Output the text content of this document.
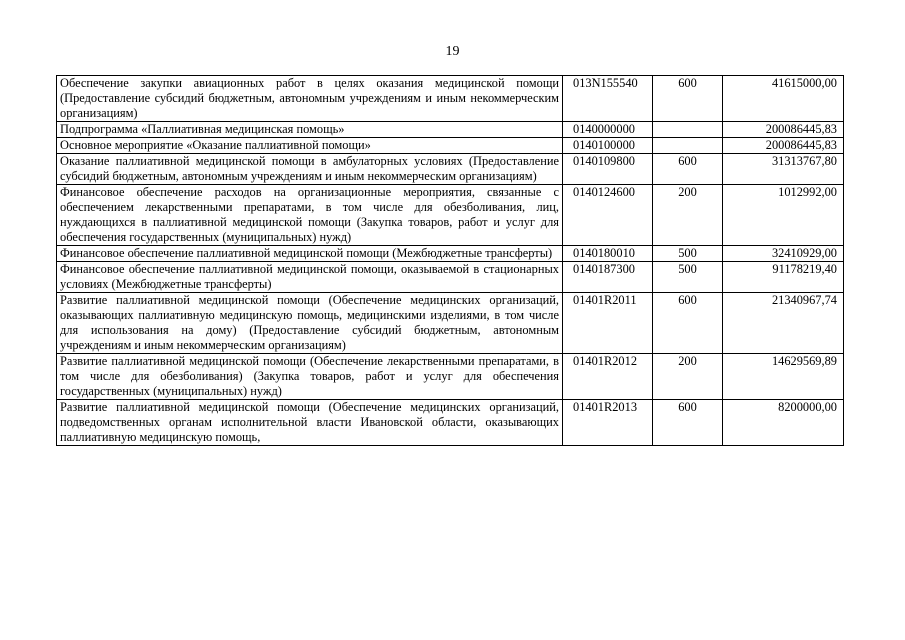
19
Обеспечение закупки авиационных работ в целях оказания медицинской помощи (Предоставление субсидий бюджетным, автономным учреждениям и иным некоммерческим организациям)	013N155540	600	41615000,00
Подпрограмма «Паллиативная медицинская помощь»	0140000000		200086445,83
Основное мероприятие «Оказание паллиативной помощи»	0140100000		200086445,83
Оказание паллиативной медицинской помощи в амбулаторных условиях (Предоставление субсидий бюджетным, автономным учреждениям и иным некоммерческим организациям)	0140109800	600	31313767,80
Финансовое обеспечение расходов на организационные мероприятия, связанные с обеспечением лекарственными препаратами, в том числе для обезболивания, лиц, нуждающихся в паллиативной медицинской помощи (Закупка товаров, работ и услуг для обеспечения государственных (муниципальных) нужд)	0140124600	200	1012992,00
Финансовое обеспечение паллиативной медицинской помощи (Межбюджетные трансферты)	0140180010	500	32410929,00
Финансовое обеспечение паллиативной медицинской помощи, оказываемой в стационарных условиях (Межбюджетные трансферты)	0140187300	500	91178219,40
Развитие паллиативной медицинской помощи (Обеспечение медицинских организаций, оказывающих паллиативную медицинскую помощь, медицинскими изделиями, в том числе для использования на дому) (Предоставление субсидий бюджетным, автономным учреждениям и иным некоммерческим организациям)	01401R2011	600	21340967,74
Развитие паллиативной медицинской помощи (Обеспечение лекарственными препаратами, в том числе для обезболивания) (Закупка товаров, работ и услуг для обеспечения государственных (муниципальных) нужд)	01401R2012	200	14629569,89
Развитие паллиативной медицинской помощи (Обеспечение медицинских организаций, подведомственных органам исполнительной власти Ивановской области, оказывающих паллиативную медицинскую помощь,	01401R2013	600	8200000,00
